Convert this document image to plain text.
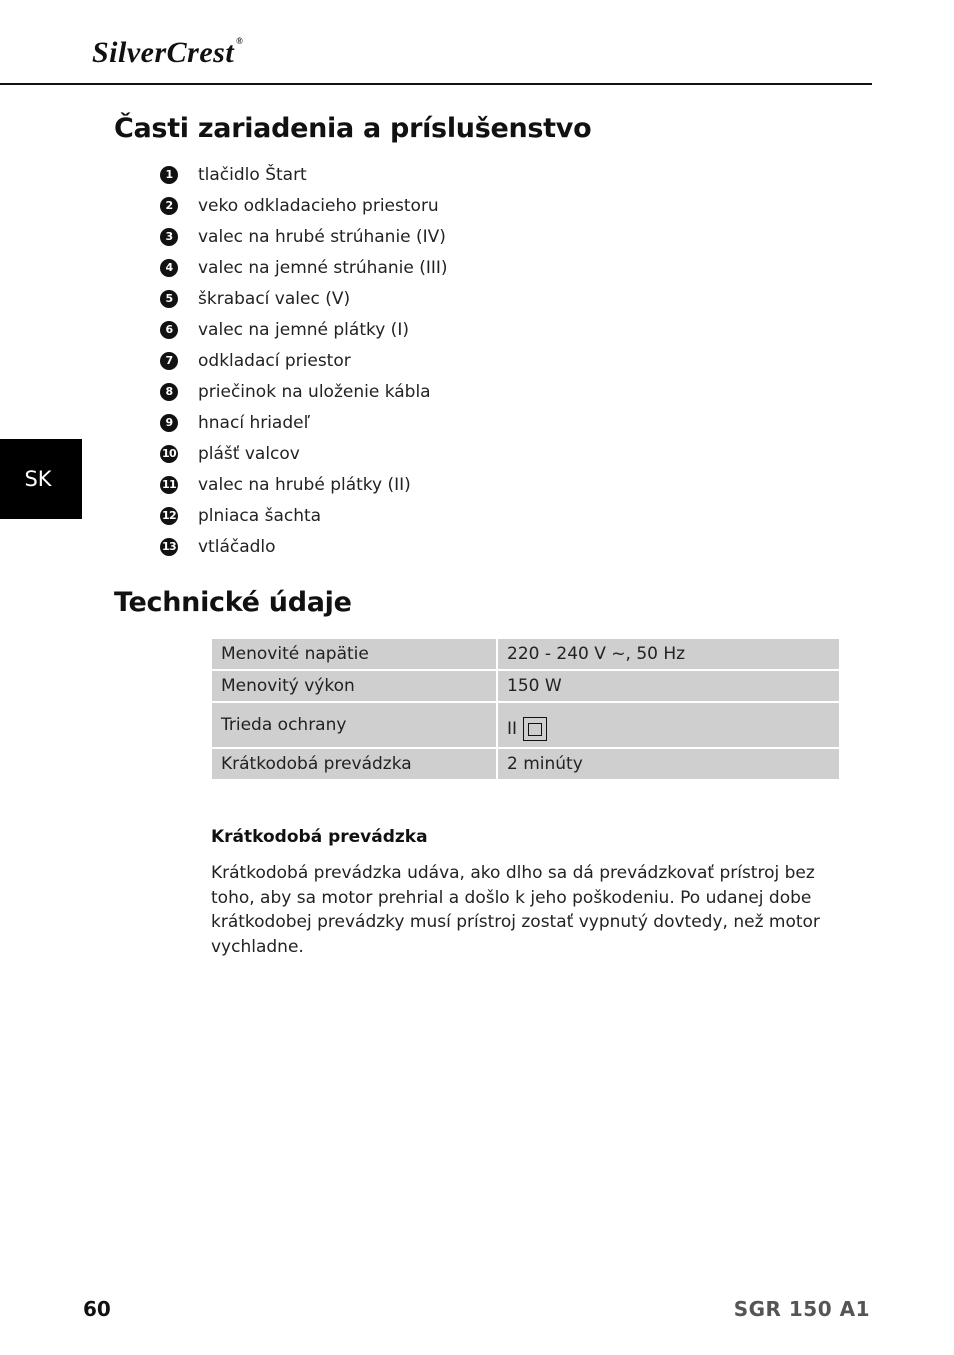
SilverCrest ®
Časti zariadenia a príslušenstvo
1	tlačidlo Štart
2	veko odkladacieho priestoru
3	valec na hrubé strúhanie (IV)
4	valec na jemné strúhanie (III)
5	škrabací valec (V)
6	valec na jemné plátky (I)
7	odkladací priestor
8	priečinok na uloženie kábla
9	hnací hriadeľ
10 plášť valcov
11 valec na hrubé plátky (II)
12 plniaca šachta
13 vtláčadlo
SK
Technické údaje
Menovité napätie	220 - 240 V ~, 50 Hz
Menovitý výkon	150 W
Trieda ochrany	II

Krátkodobá prevádzka	2 minúty
Krátkodobá prevádzka

Krátkodobá prevádzka udáva, ako dlho sa dá prevádzkovať prístroj bez toho, aby sa motor prehrial a došlo k jeho poškodeniu. Po udanej dobe krátkodobej prevádzky musí prístroj zostať vypnutý dovtedy, než motor vychladne.

60	SGR 150 A1
